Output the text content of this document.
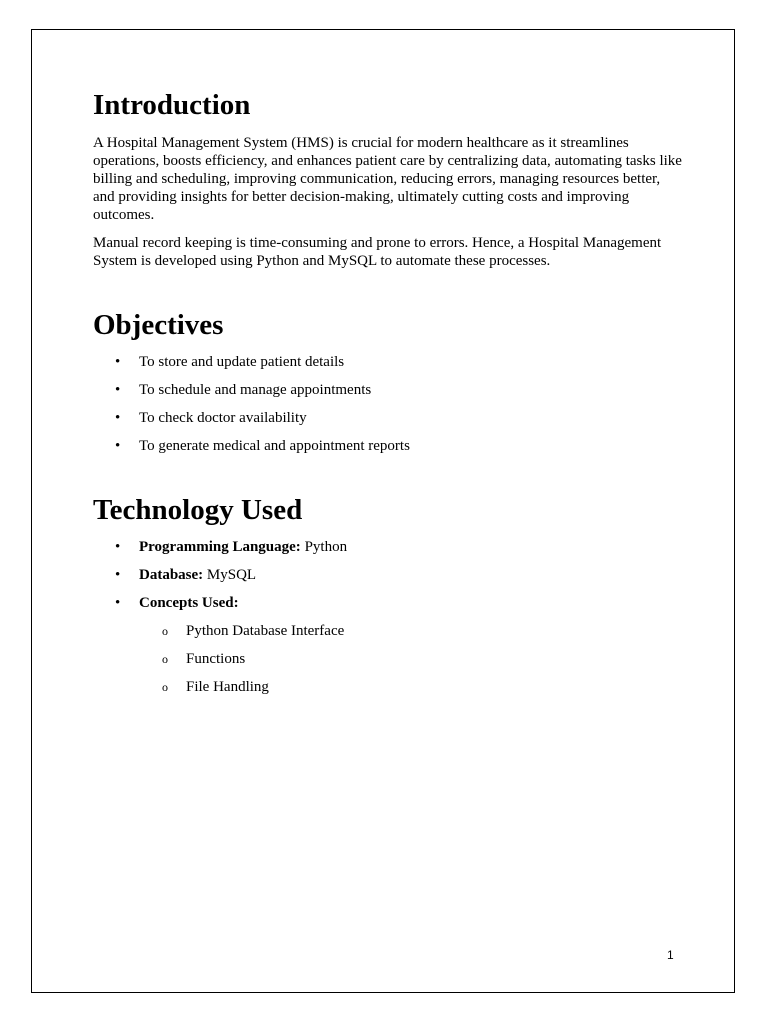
Introduction

A Hospital Management System (HMS) is crucial for modern healthcare as it streamlines operations, boosts efficiency, and enhances patient care by centralizing data, automating tasks like billing and scheduling, improving communication, reducing errors, managing resources better, and providing insights for better decision-making, ultimately cutting costs and improving outcomes.

Manual record keeping is time-consuming and prone to errors. Hence, a Hospital Management System is developed using Python and MySQL to automate these processes.

Objectives
• To store and update patient details
• To schedule and manage appointments
• To check doctor availability
• To generate medical and appointment reports
Technology Used
• Programming Language: Python
• Database: MySQL
• Concepts Used:
o Python Database Interface
o Functions
o File Handling
1
